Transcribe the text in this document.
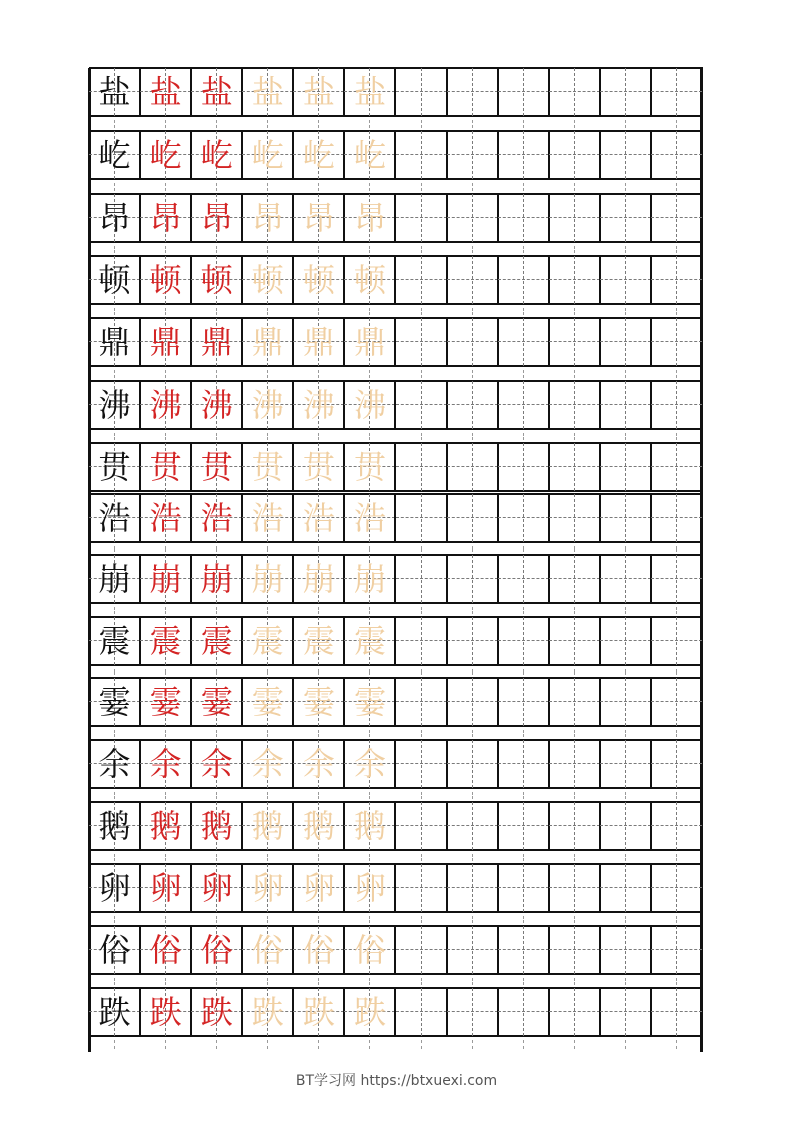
盐 盐 盐 盐 盐 盐
屹 屹 屹 屹 屹 屹
昂 昂 昂 昂 昂 昂
顿 顿 顿 顿 顿 顿
鼎 鼎 鼎 鼎 鼎 鼎
沸 沸 沸 沸 沸 沸
贯 贯 贯 贯 贯 贯
浩 浩 浩 浩 浩 浩
崩 崩 崩 崩 崩 崩
震 震 震 震 震 震
霎 霎 霎 霎 霎 霎
余 余 余 余 余 余
鹅 鹅 鹅 鹅 鹅 鹅
卵 卵 卵 卵 卵 卵
俗 俗 俗 俗 俗 俗
跌 跌 跌 跌 跌 跌
BT学习网 https://btxuexi.com
